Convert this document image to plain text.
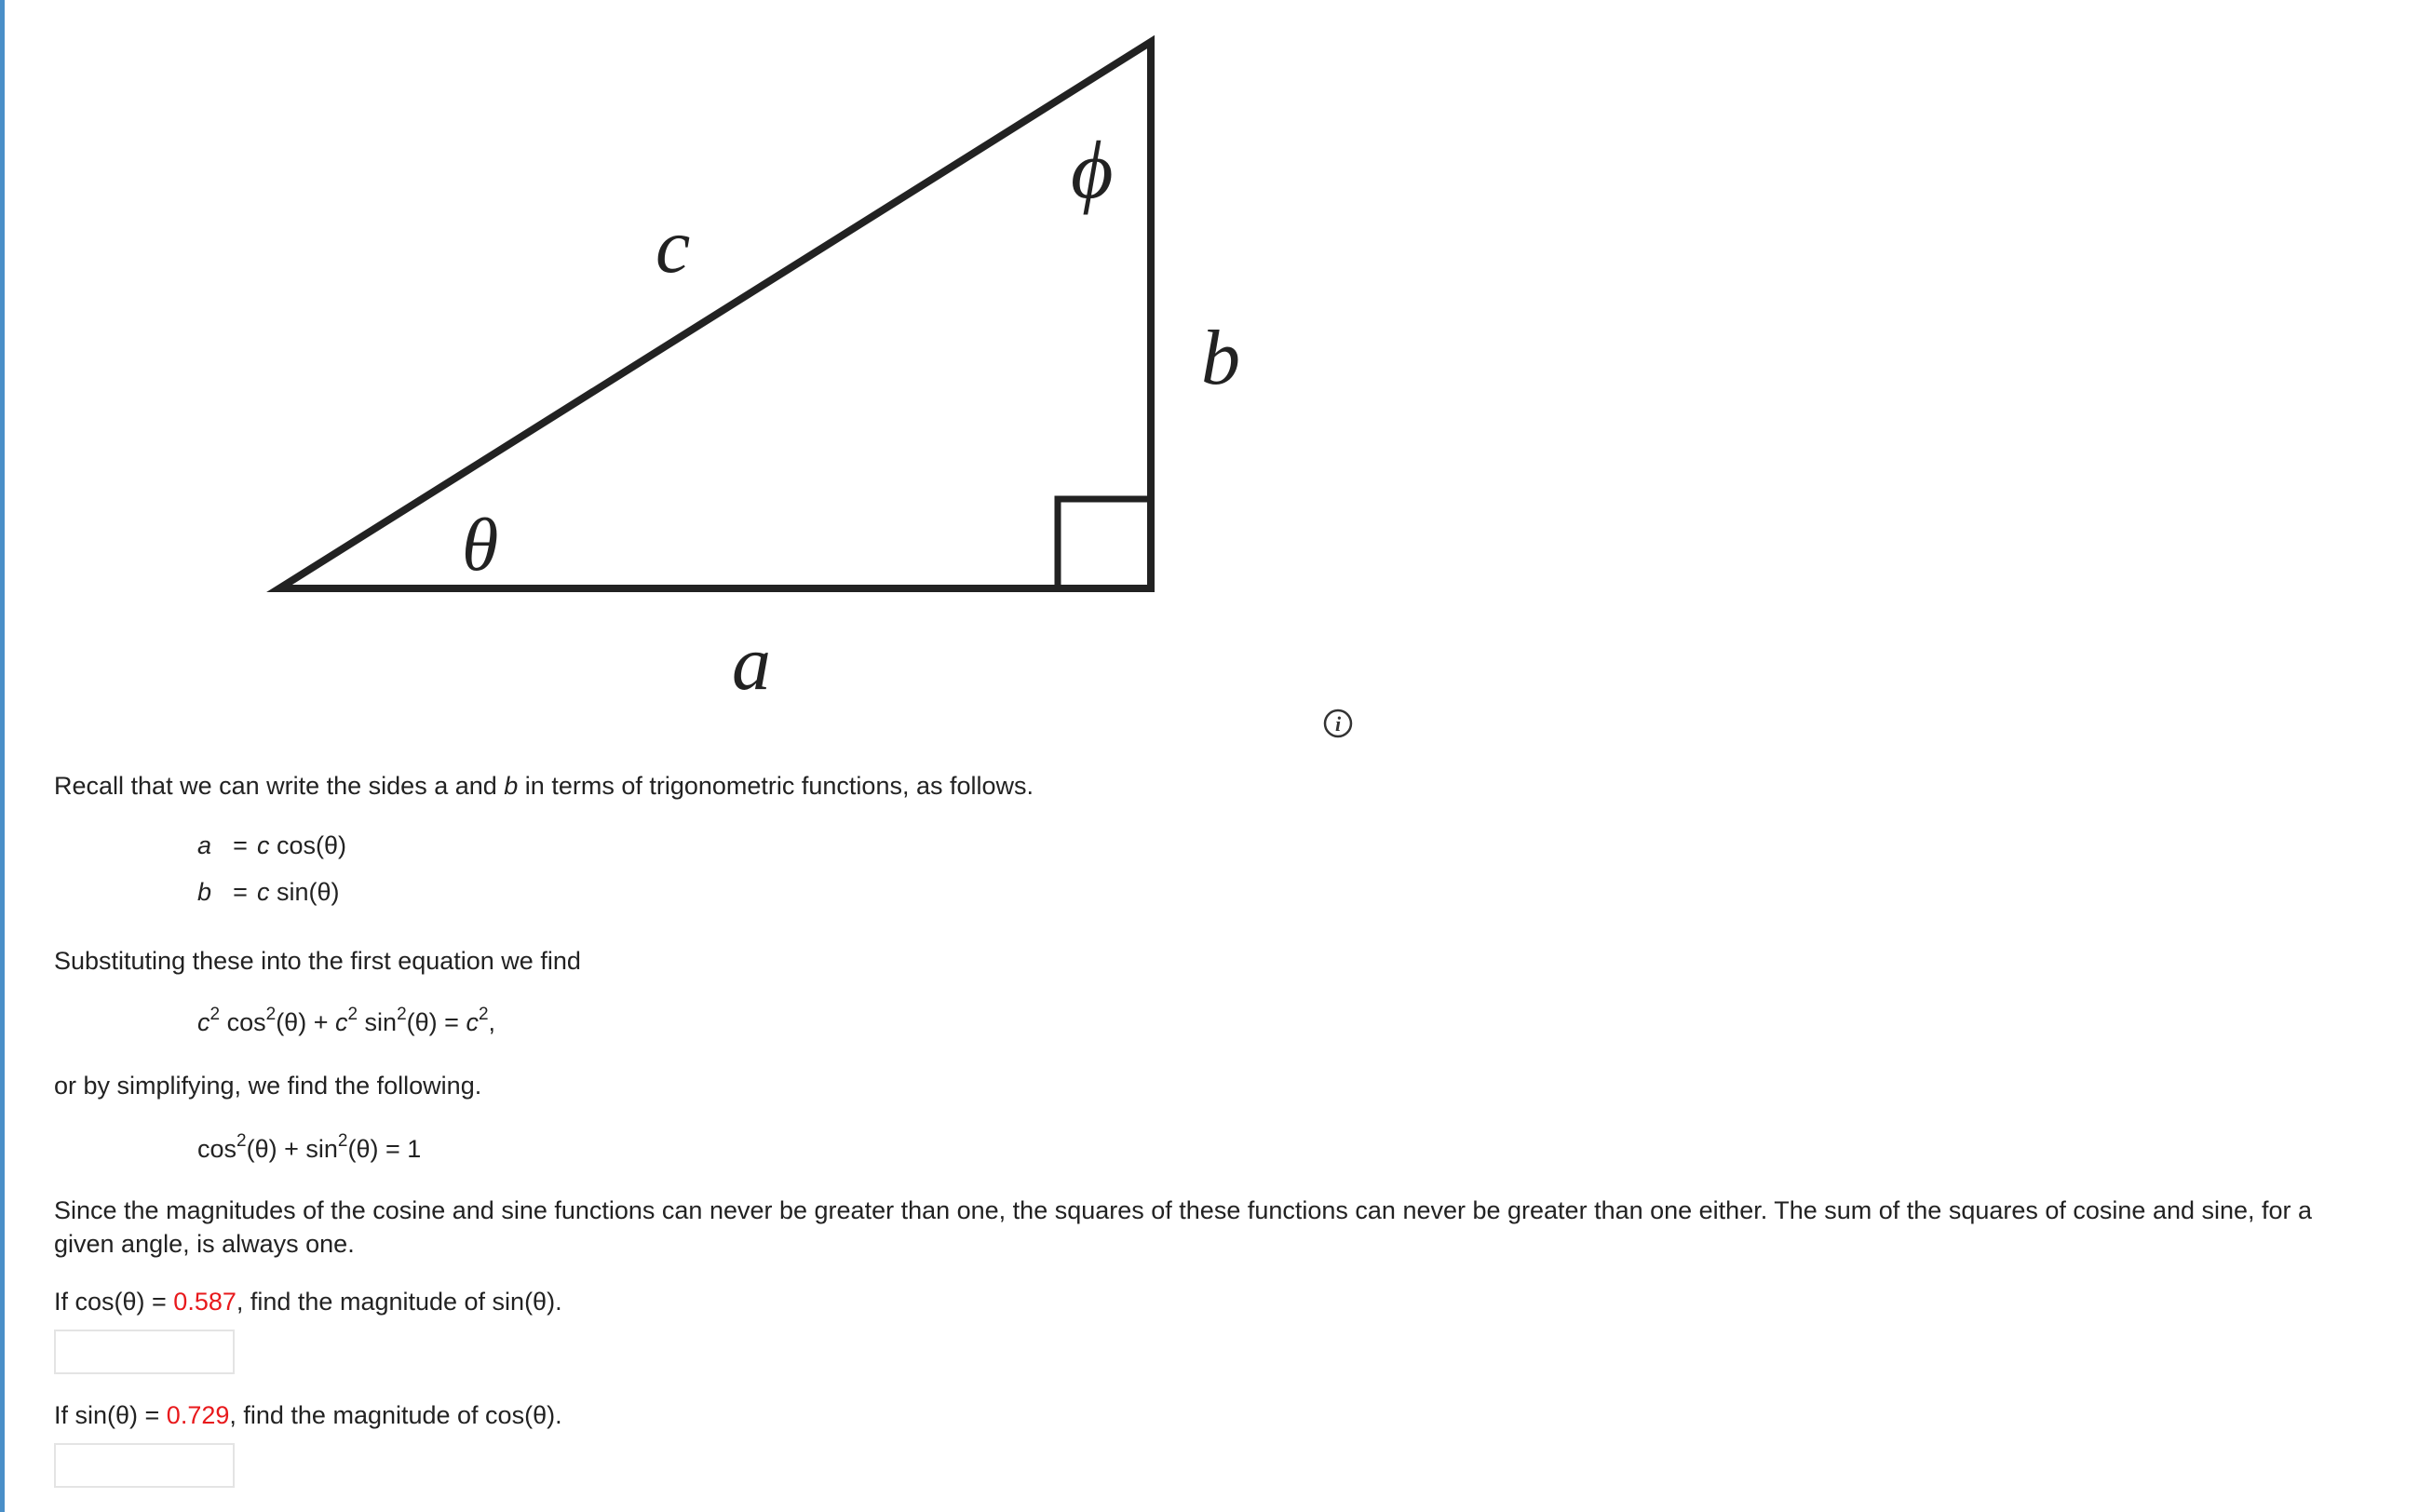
c
a
b
θ
ϕ
i
Recall that we can write the sides a and b in terms of trigonometric functions, as follows.
a = c cos(θ)
b = c sin(θ)
Substituting these into the first equation we find
$c^2$ $\cos^2(\theta) + c^2$ $\sin^2(\theta) = c^2$,
or by simplifying, we find the following.
$\cos^2(\theta) + \sin^2(\theta) = 1$
Since the magnitudes of the cosine and sine functions can never be greater than one, the squares of these functions can never be greater than one either. The sum of the squares of cosine and sine, for a given angle, is always one.
If cos(θ) = 0.587, find the magnitude of sin(θ).
If sin(θ) = 0.729, find the magnitude of cos(θ).
